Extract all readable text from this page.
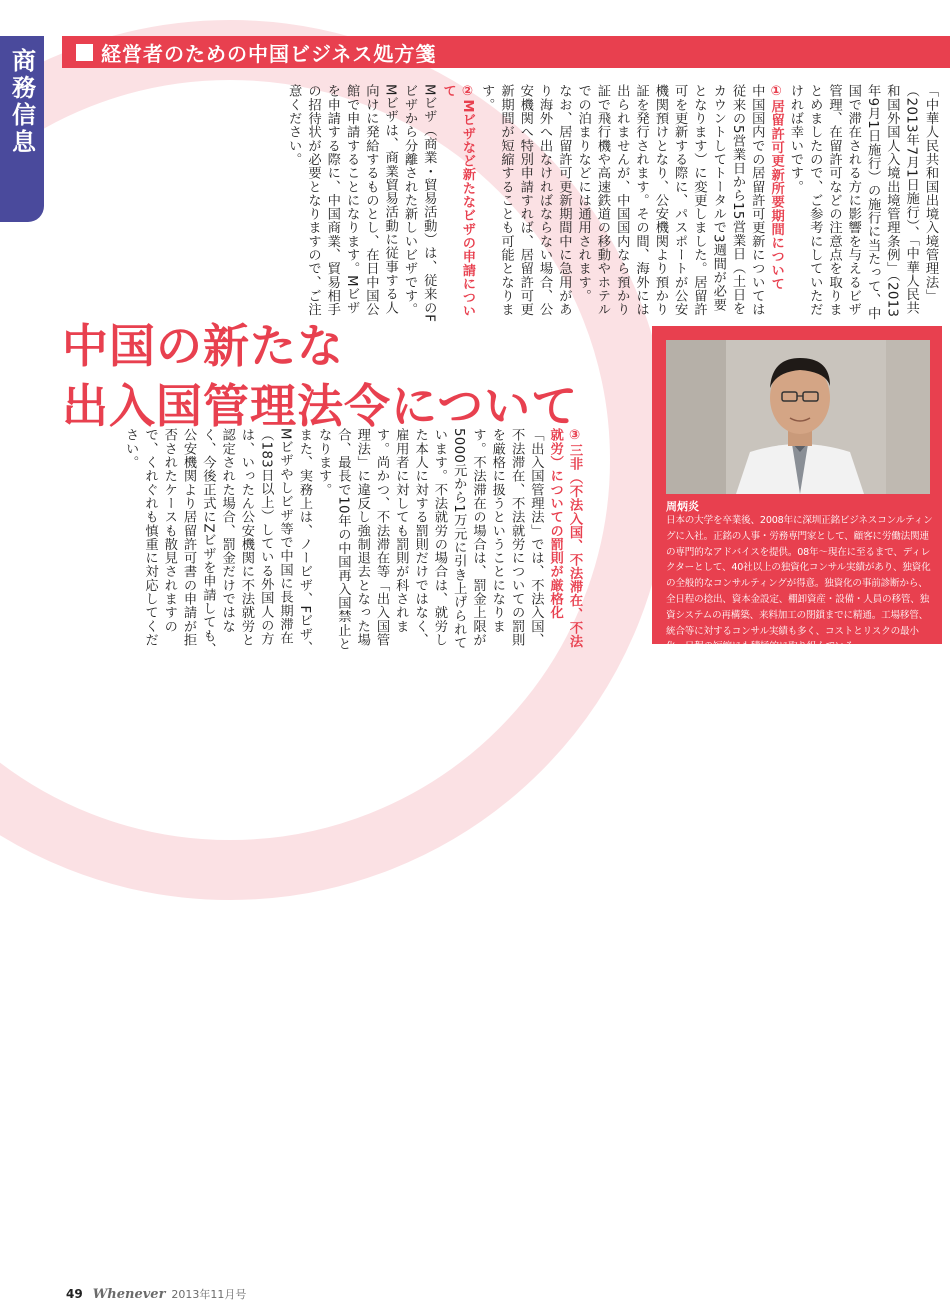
商務信息	経営者のための中国ビジネス処方箋
「中華人民共和国出境入境管理法」（2013年7月1日施行）、「中華人民共和国外国人入境出境管理条例」（2013年9月1日施行）の施行に当たって、中国で滞在される方に影響を与えるビザ管理、在留許可などの注意点を取りまとめましたので、ご参考にしていただければ幸いです。
①居留許可更新所要期間について
中国国内での居留許可更新については従来の5営業日から15営業日（土日をカウントしてトータルで3週間が必要となります）に変更しました。居留許可を更新する際に、パスポートが公安機関預けとなり、公安機関より預かり証を発行されます。その間、海外には出られませんが、中国国内なら預かり証で飛行機や高速鉄道の移動やホテルでの泊まりなどには通用されます。
なお、居留許可更新期間中に急用があり海外へ出なければならない場合、公安機関へ特別申請すれば、居留許可更新期間が短縮することも可能となります。
②Mビザなど新たなビザの申請について
Mビザ（商業・貿易活動）は、従来のFビザから分離された新しいビザです。Mビザは、商業貿易活動に従事する人向けに発給するものとし、在日中国公館で申請することになります。Mビザを申請する際に、中国商業、貿易相手の招待状が必要となりますので、ご注意ください。
中国の新たな
出入国管理法令について
③三非（不法入国、不法滞在、不法就労）についての罰則が厳格化
「出入国管理法」では、不法入国、不法滞在、不法就労についての罰則を厳格に扱うということになります。不法滞在の場合は、罰金上限が5000元から1万元に引き上げられています。不法就労の場合は、就労した本人に対する罰則だけではなく、雇用者に対しても罰則が科されます。尚かつ、不法滞在等「出入国管理法」に違反し強制退去となった場合、最長で10年の中国再入国禁止となります。
また、実務上は、ノービザ、Fビザ、Mビザやしビザ等で中国に長期滞在（183日以上）している外国人の方は、いったん公安機関に不法就労と認定された場合、罰金だけではなく、今後正式にZビザを申請しても、公安機関より居留許可書の申請が拒否されたケースも散見されますので、くれぐれも慎重に対応してください。
周炳炎
日本の大学を卒業後、2008年に深圳正銘ビジネスコンルティングに入社。正銘の人事・労務専門家として、顧客に労働法関連の専門的なアドバイスを提供。08年～現在に至るまで、ディレクターとして、40社以上の独資化コンサル実績があり、独資化の全般的なコンサルティングが得意。独資化の事前診断から、全日程の捻出、資本金設定、棚卸資産・設備・人員の移管、独資システムの再構築、来料加工の閉鎖までに精通。工場移管、統合等に対するコンサル実績も多く、コストとリスクの最小化、日程の短縮にも積極的に取り組んでいる。
49 Whenever 2013年11月号
